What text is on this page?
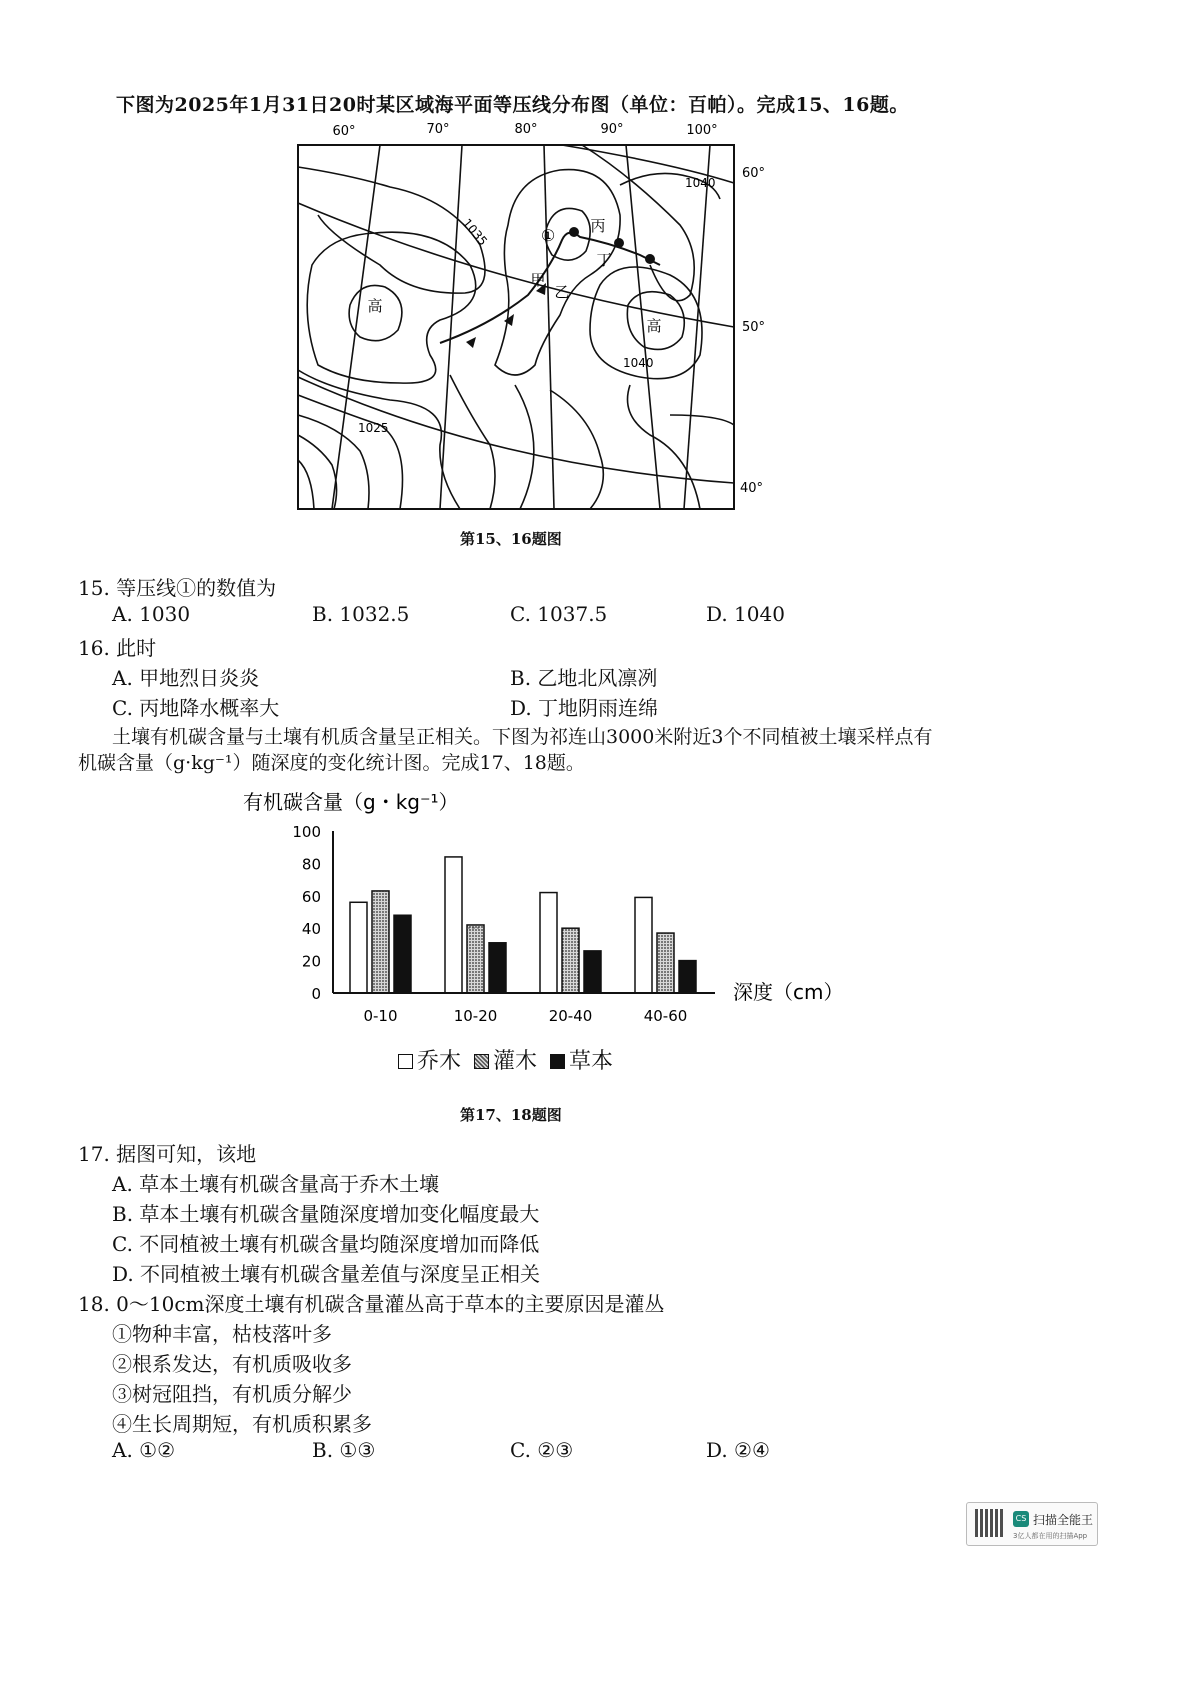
下图为2025年1月31日20时某区域海平面等压线分布图（单位：百帕）。完成15、16题。
60°	70°	80°	90°	100°
60°
50°
40°
1035
1040
1040
1025
高
高
①
甲
乙
丙
丁
第15、16题图
15. 等压线①的数值为
A. 1030	B. 1032.5	C. 1037.5	D. 1040
16. 此时
A. 甲地烈日炎炎	B. 乙地北风凛冽
C. 丙地降水概率大	D. 丁地阴雨连绵
土壤有机碳含量与土壤有机质含量呈正相关。下图为祁连山3000米附近3个不同植被土壤采样点有
机碳含量（g·kg⁻¹）随深度的变化统计图。完成17、18题。
有机碳含量（g・kg⁻¹）
100
80
60
40
20
0
0-10	10-20	20-40	40-60
深度（cm）
乔木 灌木 草本
第17、18题图
17. 据图可知，该地
A. 草本土壤有机碳含量高于乔木土壤
B. 草本土壤有机碳含量随深度增加变化幅度最大
C. 不同植被土壤有机碳含量均随深度增加而降低
D. 不同植被土壤有机碳含量差值与深度呈正相关
18. 0～10cm深度土壤有机碳含量灌丛高于草本的主要原因是灌丛
①物种丰富，枯枝落叶多
②根系发达，有机质吸收多
③树冠阻挡，有机质分解少
④生长周期短，有机质积累多
A. ①②	B. ①③	C. ②③	D. ②④
CS 扫描全能王
3亿人都在用的扫描App
